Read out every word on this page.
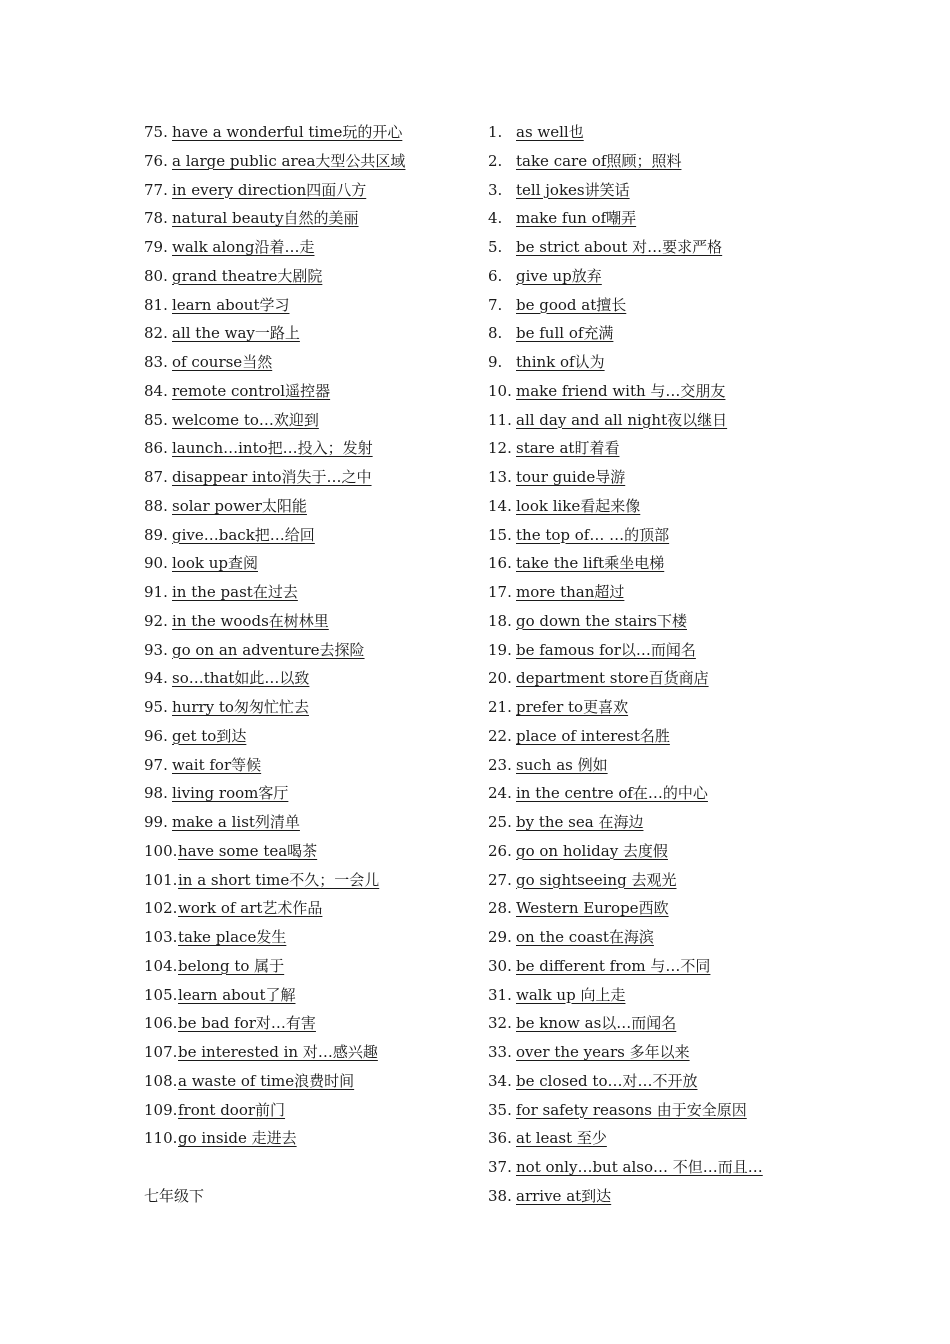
75. have a wonderful time玩的开心
76. a large public area大型公共区域
77. in every direction四面八方
78. natural beauty自然的美丽
79. walk along沿着…走
80. grand theatre大剧院
81. learn about学习
82. all the way一路上
83. of course当然
84. remote control遥控器
85. welcome to…欢迎到
86. launch…into把…投入；发射
87. disappear into消失于…之中
88. solar power太阳能
89. give…back把…给回
90. look up查阅
91. in the past在过去
92. in the woods在树林里
93. go on an adventure去探险
94. so…that如此…以致
95. hurry to匆匆忙忙去
96. get to到达
97. wait for等候
98. living room客厅
99. make a list列清单
100. have some tea喝茶
101. in a short time不久；一会儿
102. work of art艺术作品
103. take place发生
104. belong to 属于
105. learn about了解
106. be bad for对…有害
107. be interested in 对…感兴趣
108. a waste of time浪费时间
109. front door前门
110. go inside 走进去
七年级下
1. as well也
2. take care of照顾；照料
3. tell jokes讲笑话
4. make fun of嘲弄
5. be strict about 对…要求严格
6. give up放弃
7. be good at擅长
8. be full of充满
9. think of认为
10. make friend with 与…交朋友
11. all day and all night夜以继日
12. stare at盯着看
13. tour guide导游
14. look like看起来像
15. the top of… …的顶部
16. take the lift乘坐电梯
17. more than超过
18. go down the stairs下楼
19. be famous for以…而闻名
20. department store百货商店
21. prefer to更喜欢
22. place of interest名胜
23. such as 例如
24. in the centre of在…的中心
25. by the sea 在海边
26. go on holiday 去度假
27. go sightseeing 去观光
28. Western Europe西欧
29. on the coast在海滨
30. be different from 与…不同
31. walk up 向上走
32. be know as以…而闻名
33. over the years 多年以来
34. be closed to…对…不开放
35. for safety reasons 由于安全原因
36. at least 至少
37. not only…but also… 不但…而且…
38. arrive at到达
